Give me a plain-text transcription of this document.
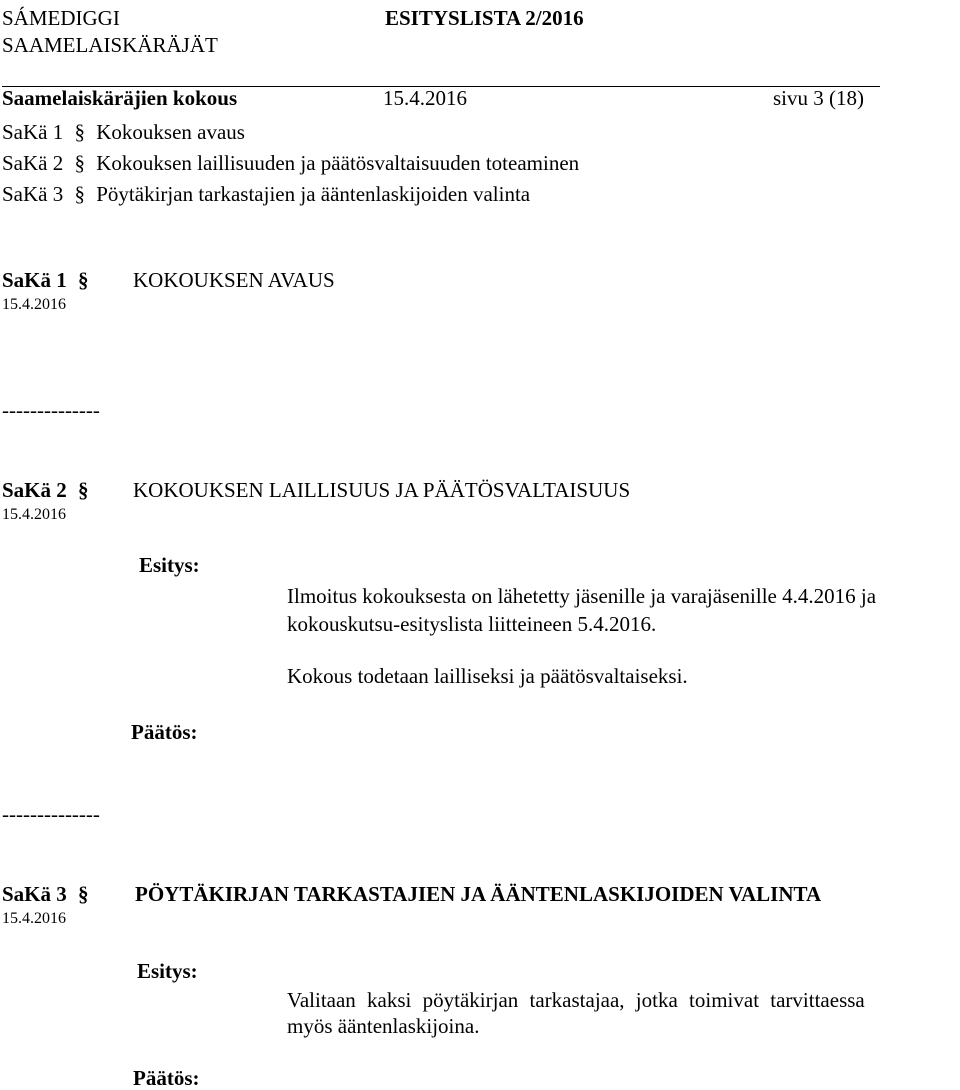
SÁMEDIGGI	ESITYSLISTA 2/2016
SAAMELAISKÄRÄJÄT
Saamelaiskäräjien kokous	15.4.2016	sivu 3 (18)
SaKä 1 § Kokouksen avaus
SaKä 2 § Kokouksen laillisuuden ja päätösvaltaisuuden toteaminen
SaKä 3 § Pöytäkirjan tarkastajien ja ääntenlaskijoiden valinta
SaKä 1 §
15.4.2016
KOKOUKSEN AVAUS
--------------
SaKä 2 §
15.4.2016
KOKOUKSEN LAILLISUUS JA PÄÄTÖSVALTAISUUS
Esitys:
Ilmoitus kokouksesta on lähetetty jäsenille ja varajäsenille 4.4.2016 ja
kokouskutsu-esityslista liitteineen 5.4.2016.
Kokous todetaan lailliseksi ja päätösvaltaiseksi.
Päätös:
--------------
SaKä 3 §
15.4.2016
PÖYTÄKIRJAN TARKASTAJIEN JA ÄÄNTENLASKIJOIDEN VALINTA
Esitys:
Valitaan kaksi pöytäkirjan tarkastajaa, jotka toimivat tarvittaessa
myös ääntenlaskijoina.
Päätös:
